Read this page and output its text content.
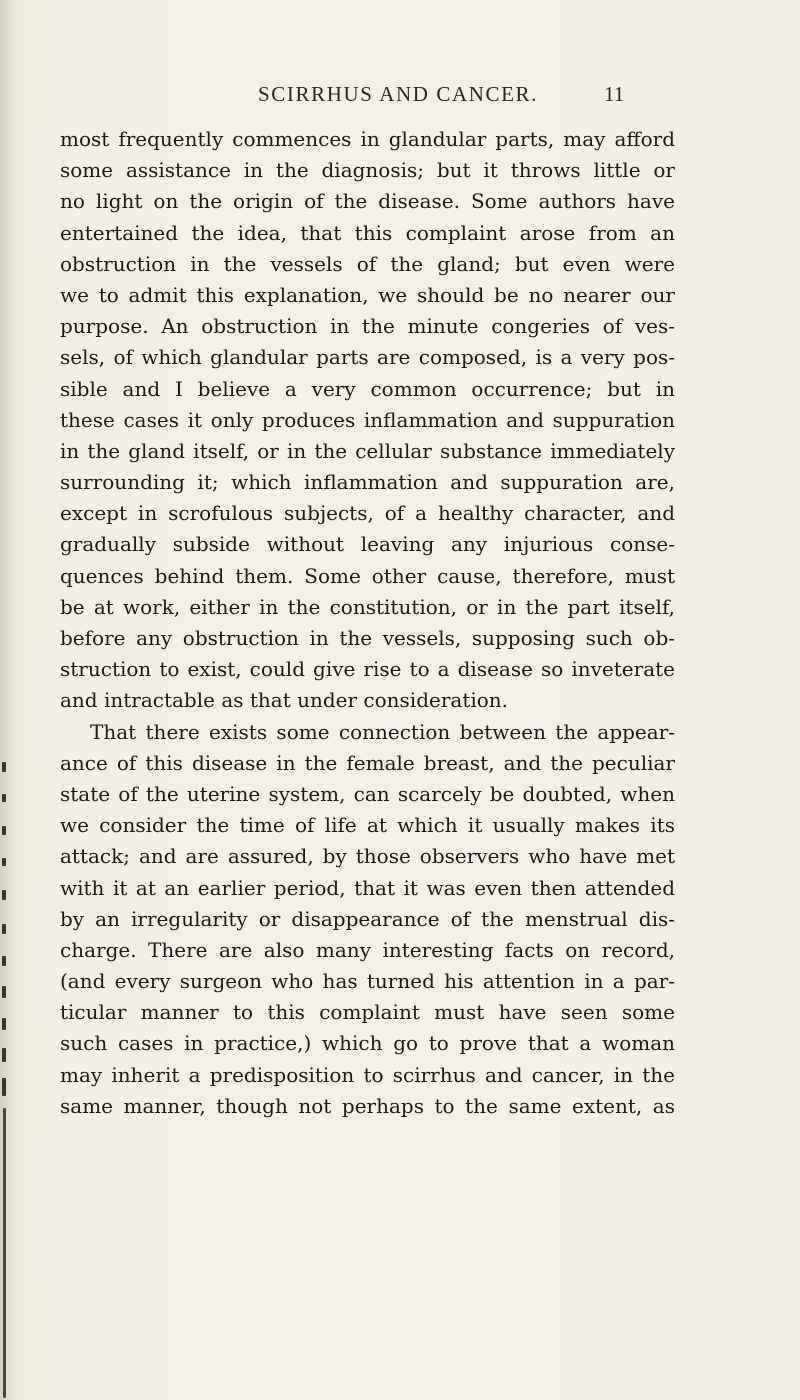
SCIRRHUS AND CANCER.	11
most frequently commences in glandular parts, may afford
some assistance in the diagnosis; but it throws little or
no light on the origin of the disease. Some authors have
entertained the idea, that this complaint arose from an
obstruction in the vessels of the gland; but even were
we to admit this explanation, we should be no nearer our
purpose. An obstruction in the minute congeries of ves-
sels, of which glandular parts are composed, is a very pos-
sible and I believe a very common occurrence; but in
these cases it only produces inflammation and suppuration
in the gland itself, or in the cellular substance immediately
surrounding it; which inflammation and suppuration are,
except in scrofulous subjects, of a healthy character, and
gradually subside without leaving any injurious conse-
quences behind them. Some other cause, therefore, must
be at work, either in the constitution, or in the part itself,
before any obstruction in the vessels, supposing such ob-
struction to exist, could give rise to a disease so inveterate
and intractable as that under consideration.
That there exists some connection between the appear-
ance of this disease in the female breast, and the peculiar
state of the uterine system, can scarcely be doubted, when
we consider the time of life at which it usually makes its
attack; and are assured, by those observers who have met
with it at an earlier period, that it was even then attended
by an irregularity or disappearance of the menstrual dis-
charge. There are also many interesting facts on record,
(and every surgeon who has turned his attention in a par-
ticular manner to this complaint must have seen some
such cases in practice,) which go to prove that a woman
may inherit a predisposition to scirrhus and cancer, in the
same manner, though not perhaps to the same extent, as
